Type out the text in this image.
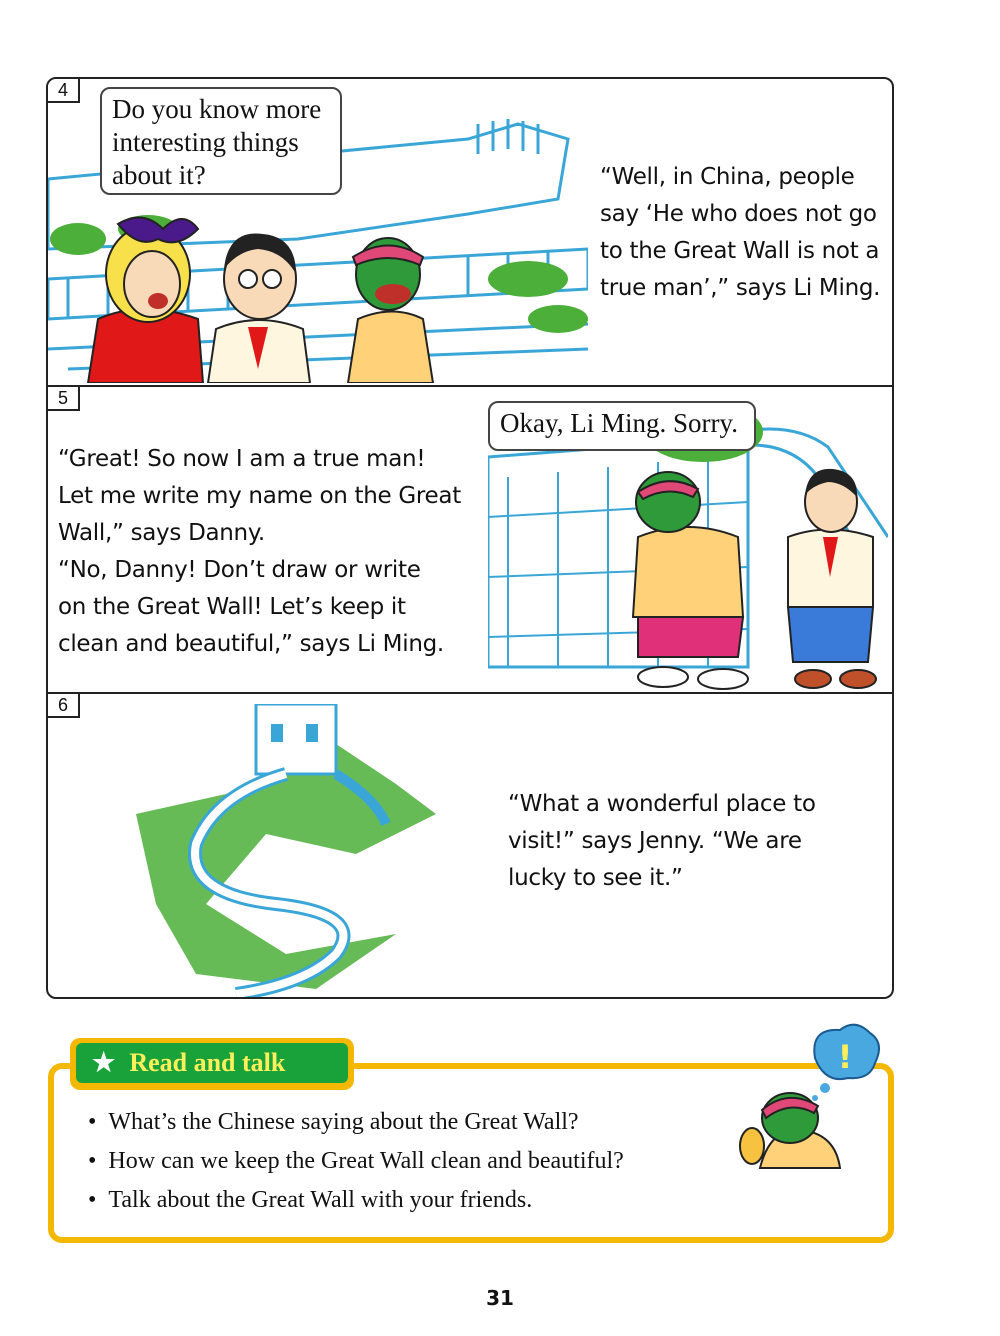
4
Do you know more interesting things about it?	“Well, in China, people

say ‘He who does not go

to the Great Wall is not a

true man’,” says Li Ming.

5

“Great! So now I am a true man!

Let me write my name on the Great

Wall,” says Danny.

“No, Danny! Don’t draw or write

on the Great Wall! Let’s keep it

clean and beautiful,” says Li Ming.

Okay, Li Ming. Sorry.
6

“What a wonderful place to

visit!” says Jenny. “We are

lucky to see it.”

★ Read and talk
• What’s the Chinese saying about the Great Wall?
• How can we keep the Great Wall clean and beautiful?
• Talk about the Great Wall with your friends.
!
31
